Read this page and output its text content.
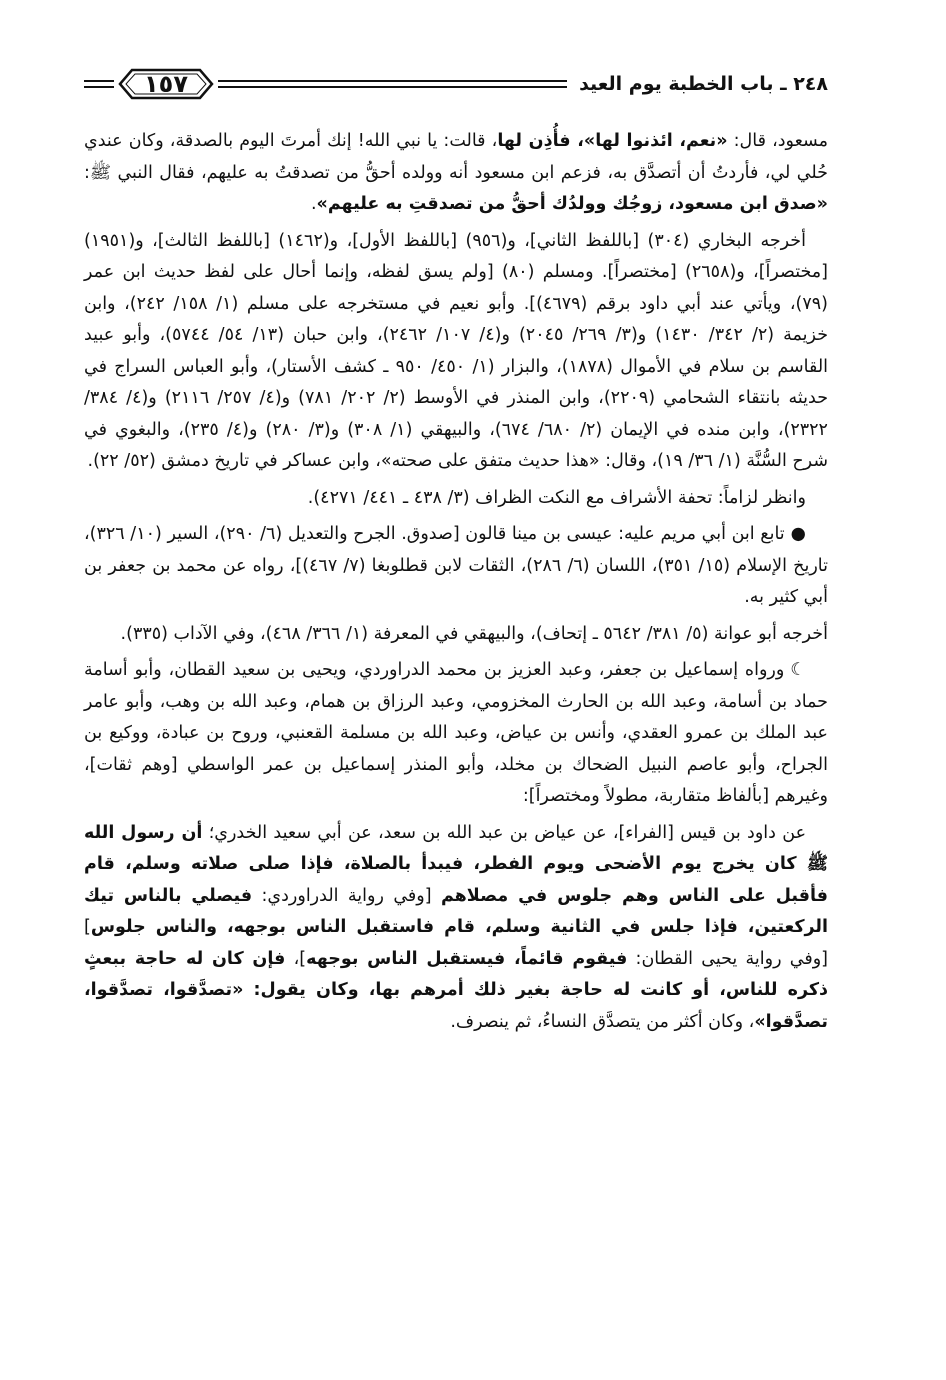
٢٤٨ ـ باب الخطبة يوم العيد
١٥٧

مسعود، قال: «نعم، ائذنوا لها»، فأُذِن لها، قالت: يا نبي الله! إنك أمرتَ اليوم بالصدقة، وكان عندي حُلي لي، فأردتُ أن أتصدَّق به، فزعم ابن مسعود أنه وولده أحقُّ من تصدقتُ به عليهم، فقال النبي ﷺ: «صدق ابن مسعود، زوجُك وولدُك أحقُّ من تصدقتِ به عليهم».

أخرجه البخاري (٣٠٤) [باللفظ الثاني]، و(٩٥٦) [باللفظ الأول]، و(١٤٦٢) [باللفظ الثالث]، و(١٩٥١) [مختصراً]، و(٢٦٥٨) [مختصراً]. ومسلم (٨٠) [ولم يسق لفظه، وإنما أحال على لفظ حديث ابن عمر (٧٩)، ويأتي عند أبي داود برقم (٤٦٧٩)]. وأبو نعيم في مستخرجه على مسلم (١/ ١٥٨/ ٢٤٢)، وابن خزيمة (٢/ ٣٤٢/ ١٤٣٠) و(٣/ ٢٦٩/ ٢٠٤٥) و(٤/ ١٠٧/ ٢٤٦٢)، وابن حبان (١٣/ ٥٤/ ٥٧٤٤)، وأبو عبيد القاسم بن سلام في الأموال (١٨٧٨)، والبزار (١/ ٤٥٠/ ٩٥٠ ـ كشف الأستار)، وأبو العباس السراج في حديثه بانتقاء الشحامي (٢٢٠٩)، وابن المنذر في الأوسط (٢/ ٢٠٢/ ٧٨١) و(٤/ ٢٥٧/ ٢١١٦) و(٤/ ٣٨٤/ ٢٣٢٢)، وابن منده في الإيمان (٢/ ٦٨٠/ ٦٧٤)، والبيهقي (١/ ٣٠٨) و(٣/ ٢٨٠) و(٤/ ٢٣٥)، والبغوي في شرح السُّنَّة (١/ ٣٦/ ١٩)، وقال: «هذا حديث متفق على صحته»، وابن عساكر في تاريخ دمشق (٥٢/ ٢٢).

وانظر لزاماً: تحفة الأشراف مع النكت الظراف (٣/ ٤٣٨ ـ ٤٤١/ ٤٢٧١).

●تابع ابن أبي مريم عليه: عيسى بن مينا قالون [صدوق. الجرح والتعديل (٦/ ٢٩٠)، السير (١٠/ ٣٢٦)، تاريخ الإسلام (١٥/ ٣٥١)، اللسان (٦/ ٢٨٦)، الثقات لابن قطلوبغا (٧/ ٤٦٧)]، رواه عن محمد بن جعفر بن أبي كثير به.

أخرجه أبو عوانة (٥/ ٣٨١/ ٥٦٤٢ ـ إتحاف)، والبيهقي في المعرفة (١/ ٣٦٦/ ٤٦٨)، وفي الآداب (٣٣٥).

☾ورواه إسماعيل بن جعفر، وعبد العزيز بن محمد الدراوردي، ويحيى بن سعيد القطان، وأبو أسامة حماد بن أسامة، وعبد الله بن الحارث المخزومي، وعبد الرزاق بن همام، وعبد الله بن وهب، وأبو عامر عبد الملك بن عمرو العقدي، وأنس بن عياض، وعبد الله بن مسلمة القعنبي، وروح بن عبادة، ووكيع بن الجراح، وأبو عاصم النبيل الضحاك بن مخلد، وأبو المنذر إسماعيل بن عمر الواسطي [وهم ثقات]، وغيرهم [بألفاظ متقاربة، مطولاً ومختصراً]:

عن داود بن قيس [الفراء]، عن عياض بن عبد الله بن سعد، عن أبي سعيد الخدري؛ أن رسول الله ﷺ كان يخرج يوم الأضحى ويوم الفطر، فيبدأ بالصلاة، فإذا صلى صلاته وسلم، قام فأقبل على الناس وهم جلوس في مصلاهم [وفي رواية الدراوردي: فيصلي بالناس تيك الركعتين، فإذا جلس في الثانية وسلم، قام فاستقبل الناس بوجهه، والناس جلوس] [وفي رواية يحيى القطان: فيقوم قائماً، فيستقبل الناس بوجهه]، فإن كان له حاجة ببعثٍ ذكره للناس، أو كانت له حاجة بغير ذلك أمرهم بها، وكان يقول: «تصدَّقوا، تصدَّقوا، تصدَّقوا»، وكان أكثر من يتصدَّق النساءُ، ثم ينصرف.
